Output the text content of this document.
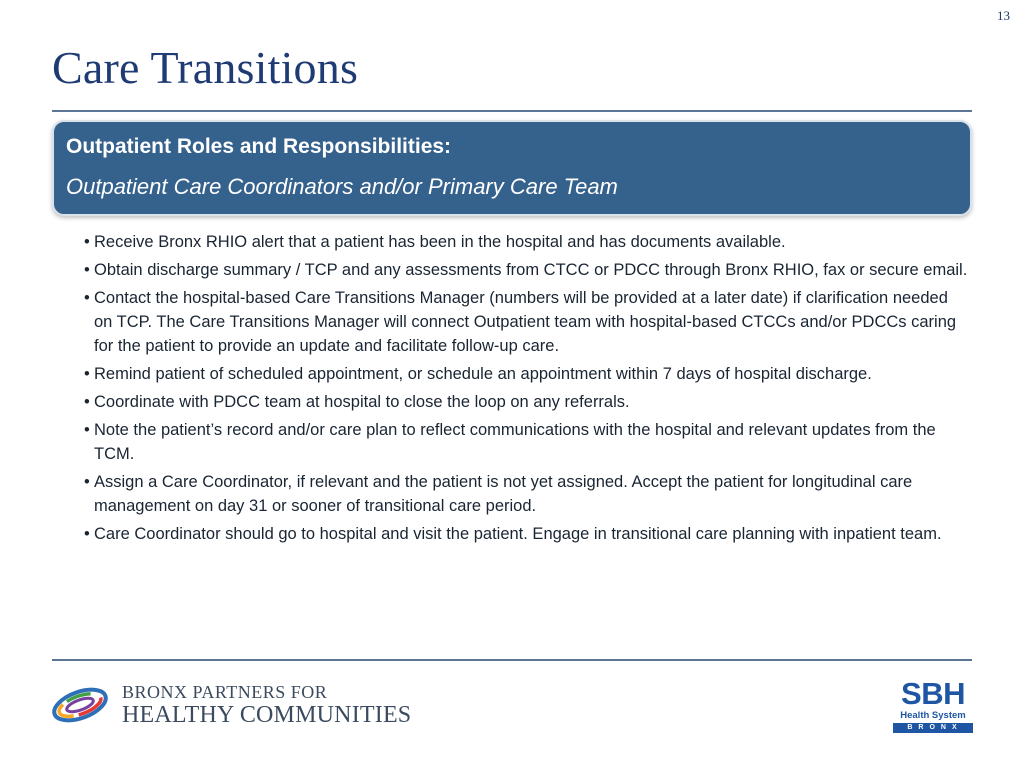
13
Care Transitions
Outpatient Roles and Responsibilities:
Outpatient Care Coordinators and/or Primary Care Team
• Receive Bronx RHIO alert that a patient has been in the hospital and has documents available.
• Obtain discharge summary / TCP and any assessments from CTCC or PDCC through Bronx RHIO, fax or secure email.
• Contact the hospital-based Care Transitions Manager (numbers will be provided at a later date) if clarification needed on TCP. The Care Transitions Manager will connect Outpatient team with hospital-based CTCCs and/or PDCCs caring for the patient to provide an update and facilitate follow-up care.
• Remind patient of scheduled appointment, or schedule an appointment within 7 days of hospital discharge.
• Coordinate with PDCC team at hospital to close the loop on any referrals.
• Note the patient’s record and/or care plan to reflect communications with the hospital and relevant updates from the TCM.
• Assign a Care Coordinator, if relevant and the patient is not yet assigned. Accept the patient for longitudinal care management on day 31 or sooner of transitional care period.
• Care Coordinator should go to hospital and visit the patient. Engage in transitional care planning with inpatient team.
BRONX PARTNERS FOR
HEALTHY COMMUNITIES
SBH
Health System
BRONX
